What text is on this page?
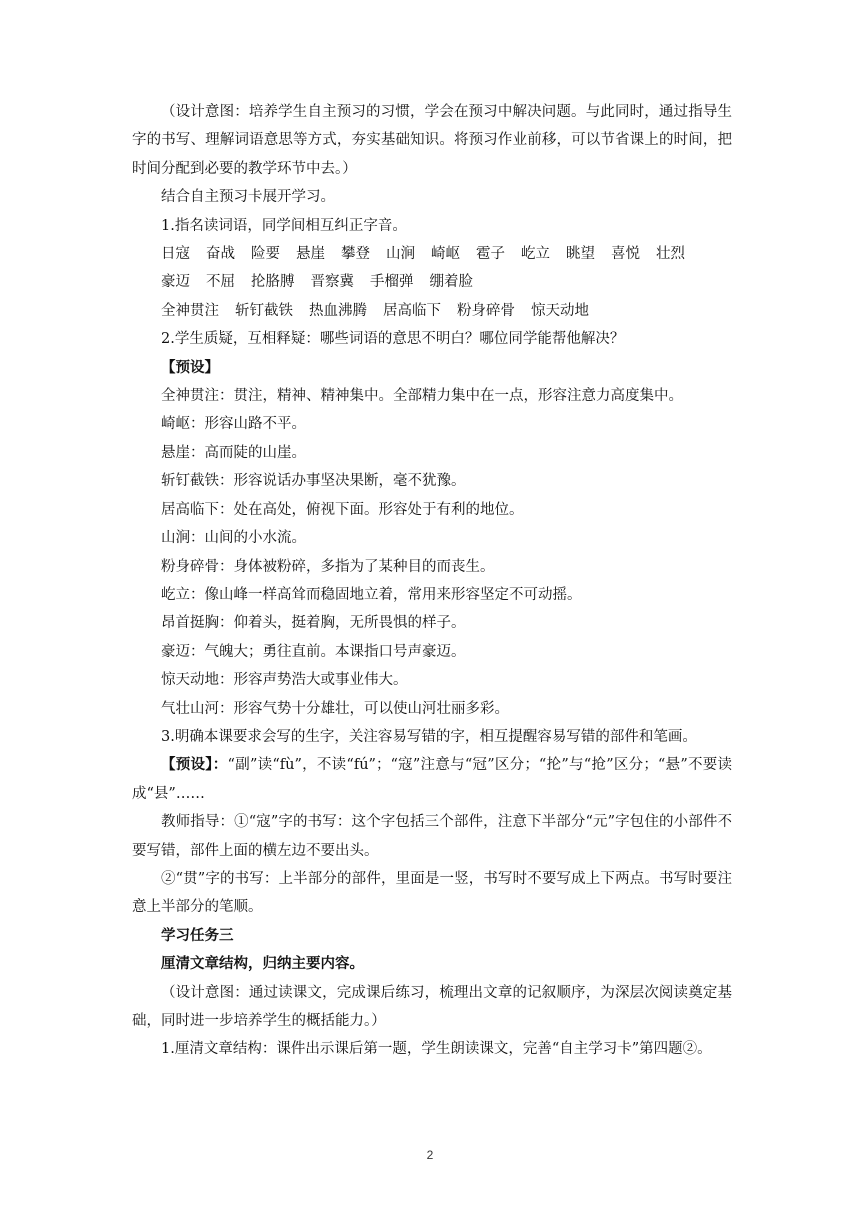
（设计意图：培养学生自主预习的习惯，学会在预习中解决问题。与此同时，通过指导生字的书写、理解词语意思等方式，夯实基础知识。将预习作业前移，可以节省课上的时间，把时间分配到必要的教学环节中去。）

结合自主预习卡展开学习。

1.指名读词语，同学间相互纠正字音。

日寇 奋战 险要 悬崖 攀登 山涧 崎岖 雹子 屹立 眺望 喜悦 壮烈
豪迈 不屈 抡胳膊 晋察冀 手榴弹 绷着脸
全神贯注 斩钉截铁 热血沸腾 居高临下 粉身碎骨 惊天动地

2.学生质疑，互相释疑：哪些词语的意思不明白？哪位同学能帮他解决？

【预设】

全神贯注：贯注，精神、精神集中。全部精力集中在一点，形容注意力高度集中。

崎岖：形容山路不平。

悬崖：高而陡的山崖。

斩钉截铁：形容说话办事坚决果断，毫不犹豫。

居高临下：处在高处，俯视下面。形容处于有利的地位。

山涧：山间的小水流。

粉身碎骨：身体被粉碎，多指为了某种目的而丧生。

屹立：像山峰一样高耸而稳固地立着，常用来形容坚定不可动摇。

昂首挺胸：仰着头，挺着胸，无所畏惧的样子。

豪迈：气魄大；勇往直前。本课指口号声豪迈。

惊天动地：形容声势浩大或事业伟大。

气壮山河：形容气势十分雄壮，可以使山河壮丽多彩。

3.明确本课要求会写的生字，关注容易写错的字，相互提醒容易写错的部件和笔画。

【预设】：“副”读“fù”，不读“fú”；“寇”注意与“冠”区分；“抡”与“抢”区分；“悬”不要读成“县”……

教师指导：①“寇”字的书写：这个字包括三个部件，注意下半部分“元”字包住的小部件不要写错，部件上面的横左边不要出头。

②“贯”字的书写：上半部分的部件，里面是一竖，书写时不要写成上下两点。书写时要注意上半部分的笔顺。

学习任务三

厘清文章结构，归纳主要内容。

（设计意图：通过读课文，完成课后练习，梳理出文章的记叙顺序，为深层次阅读奠定基础，同时进一步培养学生的概括能力。）

1.厘清文章结构：课件出示课后第一题，学生朗读课文，完善“自主学习卡”第四题②。

2
